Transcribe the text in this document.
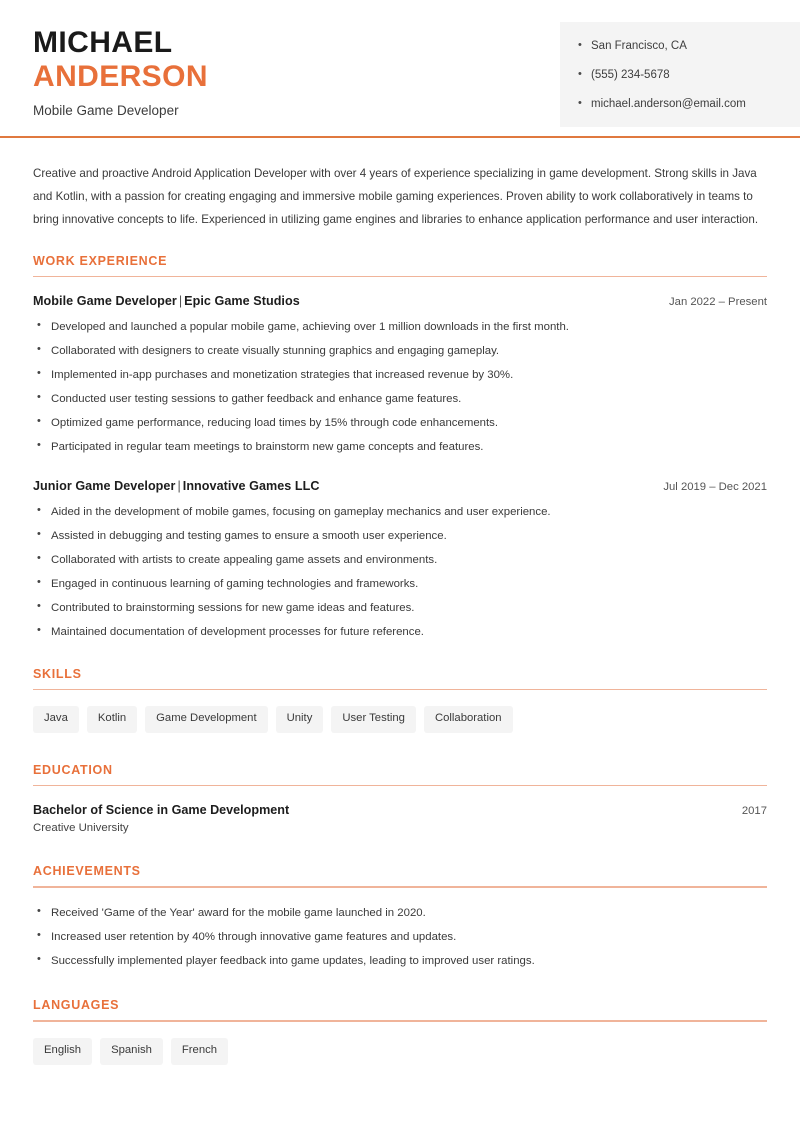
MICHAEL
ANDERSON
Mobile Game Developer
• San Francisco, CA
• (555) 234-5678
• michael.anderson@email.com

Creative and proactive Android Application Developer with over 4 years of experience specializing in game development. Strong skills in Java and Kotlin, with a passion for creating engaging and immersive mobile gaming experiences. Proven ability to work collaboratively in teams to bring innovative concepts to life. Experienced in utilizing game engines and libraries to enhance application performance and user interaction.

WORK EXPERIENCE
Mobile Game Developer | Epic Game Studios	Jan 2022 – Present
• Developed and launched a popular mobile game, achieving over 1 million downloads in the first month.
• Collaborated with designers to create visually stunning graphics and engaging gameplay.
• Implemented in-app purchases and monetization strategies that increased revenue by 30%.
• Conducted user testing sessions to gather feedback and enhance game features.
• Optimized game performance, reducing load times by 15% through code enhancements.
• Participated in regular team meetings to brainstorm new game concepts and features.
Junior Game Developer | Innovative Games LLC	Jul 2019 – Dec 2021
• Aided in the development of mobile games, focusing on gameplay mechanics and user experience.
• Assisted in debugging and testing games to ensure a smooth user experience.
• Collaborated with artists to create appealing game assets and environments.
• Engaged in continuous learning of gaming technologies and frameworks.
• Contributed to brainstorming sessions for new game ideas and features.
• Maintained documentation of development processes for future reference.
SKILLS
Java	Kotlin	Game Development	Unity	User Testing	Collaboration
EDUCATION
Bachelor of Science in Game Development	2017
Creative University
ACHIEVEMENTS
• Received 'Game of the Year' award for the mobile game launched in 2020.
• Increased user retention by 40% through innovative game features and updates.
• Successfully implemented player feedback into game updates, leading to improved user ratings.
LANGUAGES
English	Spanish	French
